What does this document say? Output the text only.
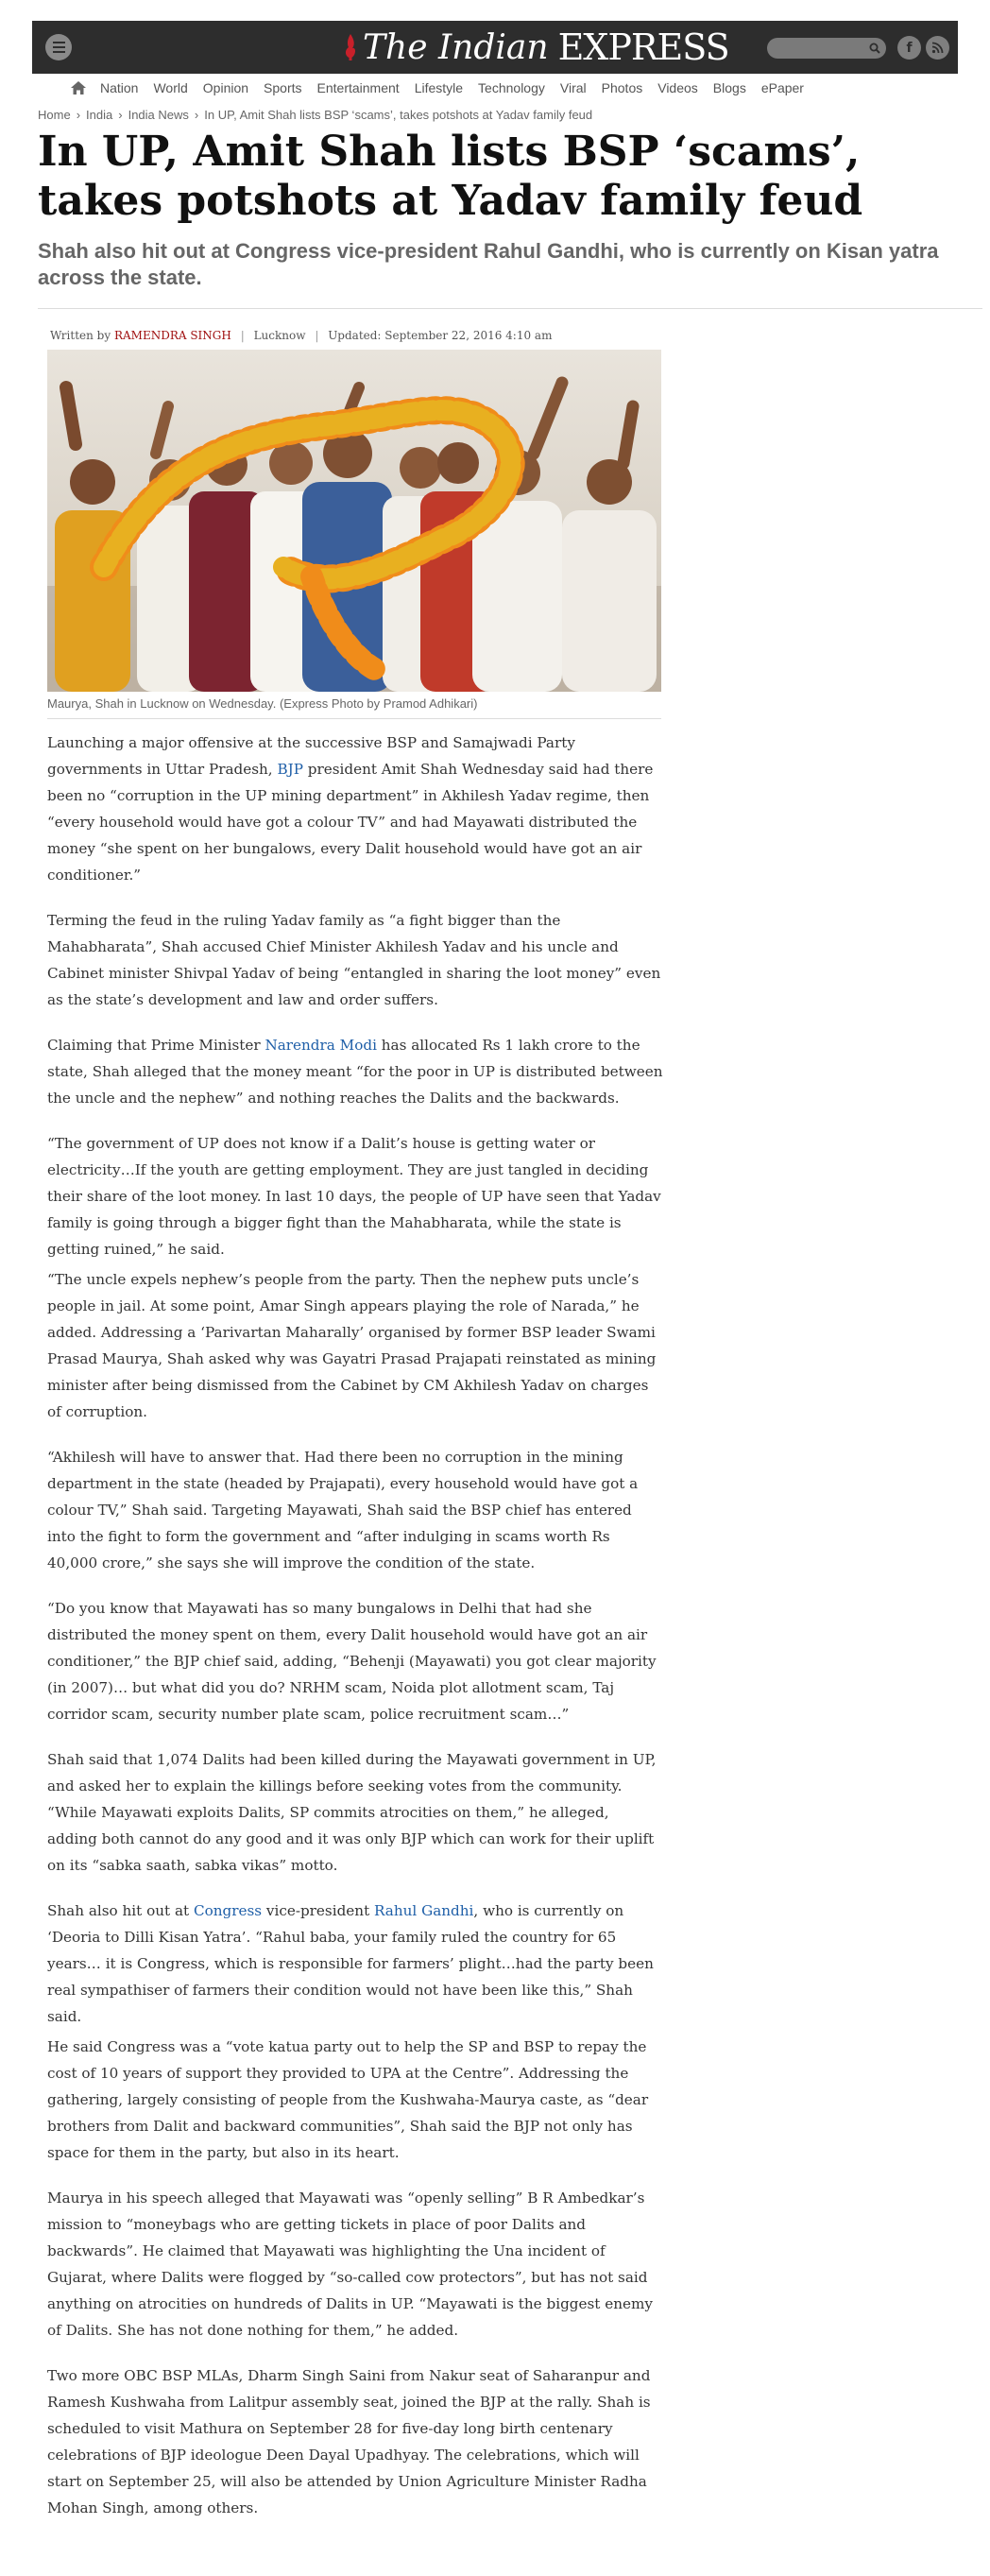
The Indian EXPRESS	f
Nation World Opinion Sports Entertainment Lifestyle Technology Viral Photos Videos Blogs ePaper
Home › India › India News › In UP, Amit Shah lists BSP ‘scams’, takes potshots at Yadav family feud
In UP, Amit Shah lists BSP ‘scams’, takes potshots at Yadav family feud
Shah also hit out at Congress vice-president Rahul Gandhi, who is currently on Kisan yatra across the state.
Written by RAMENDRA SINGH | Lucknow | Updated: September 22, 2016 4:10 am
Maurya, Shah in Lucknow on Wednesday. (Express Photo by Pramod Adhikari)

Launching a major offensive at the successive BSP and Samajwadi Party governments in Uttar Pradesh, BJP president Amit Shah Wednesday said had there been no “corruption in the UP mining department” in Akhilesh Yadav regime, then “every household would have got a colour TV” and had Mayawati distributed the money “she spent on her bungalows, every Dalit household would have got an air conditioner.”

Terming the feud in the ruling Yadav family as “a fight bigger than the Mahabharata”, Shah accused Chief Minister Akhilesh Yadav and his uncle and Cabinet minister Shivpal Yadav of being “entangled in sharing the loot money” even as the state’s development and law and order suffers.

Claiming that Prime Minister Narendra Modi has allocated Rs 1 lakh crore to the state, Shah alleged that the money meant “for the poor in UP is distributed between the uncle and the nephew” and nothing reaches the Dalits and the backwards.

“The government of UP does not know if a Dalit’s house is getting water or electricity…If the youth are getting employment. They are just tangled in deciding their share of the loot money. In last 10 days, the people of UP have seen that Yadav family is going through a bigger fight than the Mahabharata, while the state is getting ruined,” he said.

“The uncle expels nephew’s people from the party. Then the nephew puts uncle’s people in jail. At some point, Amar Singh appears playing the role of Narada,” he added. Addressing a ‘Parivartan Maharally’ organised by former BSP leader Swami Prasad Maurya, Shah asked why was Gayatri Prasad Prajapati reinstated as mining minister after being dismissed from the Cabinet by CM Akhilesh Yadav on charges of corruption.

“Akhilesh will have to answer that. Had there been no corruption in the mining department in the state (headed by Prajapati), every household would have got a colour TV,” Shah said. Targeting Mayawati, Shah said the BSP chief has entered into the fight to form the government and “after indulging in scams worth Rs 40,000 crore,” she says she will improve the condition of the state.

“Do you know that Mayawati has so many bungalows in Delhi that had she distributed the money spent on them, every Dalit household would have got an air conditioner,” the BJP chief said, adding, “Behenji (Mayawati) you got clear majority (in 2007)… but what did you do? NRHM scam, Noida plot allotment scam, Taj corridor scam, security number plate scam, police recruitment scam…”

Shah said that 1,074 Dalits had been killed during the Mayawati government in UP, and asked her to explain the killings before seeking votes from the community. “While Mayawati exploits Dalits, SP commits atrocities on them,” he alleged, adding both cannot do any good and it was only BJP which can work for their uplift on its “sabka saath, sabka vikas” motto.

Shah also hit out at Congress vice-president Rahul Gandhi, who is currently on ‘Deoria to Dilli Kisan Yatra’. “Rahul baba, your family ruled the country for 65 years… it is Congress, which is responsible for farmers’ plight…had the party been real sympathiser of farmers their condition would not have been like this,” Shah said.

He said Congress was a “vote katua party out to help the SP and BSP to repay the cost of 10 years of support they provided to UPA at the Centre”. Addressing the gathering, largely consisting of people from the Kushwaha-Maurya caste, as “dear brothers from Dalit and backward communities”, Shah said the BJP not only has space for them in the party, but also in its heart.

Maurya in his speech alleged that Mayawati was “openly selling” B R Ambedkar’s mission to “moneybags who are getting tickets in place of poor Dalits and backwards”. He claimed that Mayawati was highlighting the Una incident of Gujarat, where Dalits were flogged by “so-called cow protectors”, but has not said anything on atrocities on hundreds of Dalits in UP. “Mayawati is the biggest enemy of Dalits. She has not done nothing for them,” he added.

Two more OBC BSP MLAs, Dharm Singh Saini from Nakur seat of Saharanpur and Ramesh Kushwaha from Lalitpur assembly seat, joined the BJP at the rally. Shah is scheduled to visit Mathura on September 28 for five-day long birth centenary celebrations of BJP ideologue Deen Dayal Upadhyay. The celebrations, which will start on September 25, will also be attended by Union Agriculture Minister Radha Mohan Singh, among others.
